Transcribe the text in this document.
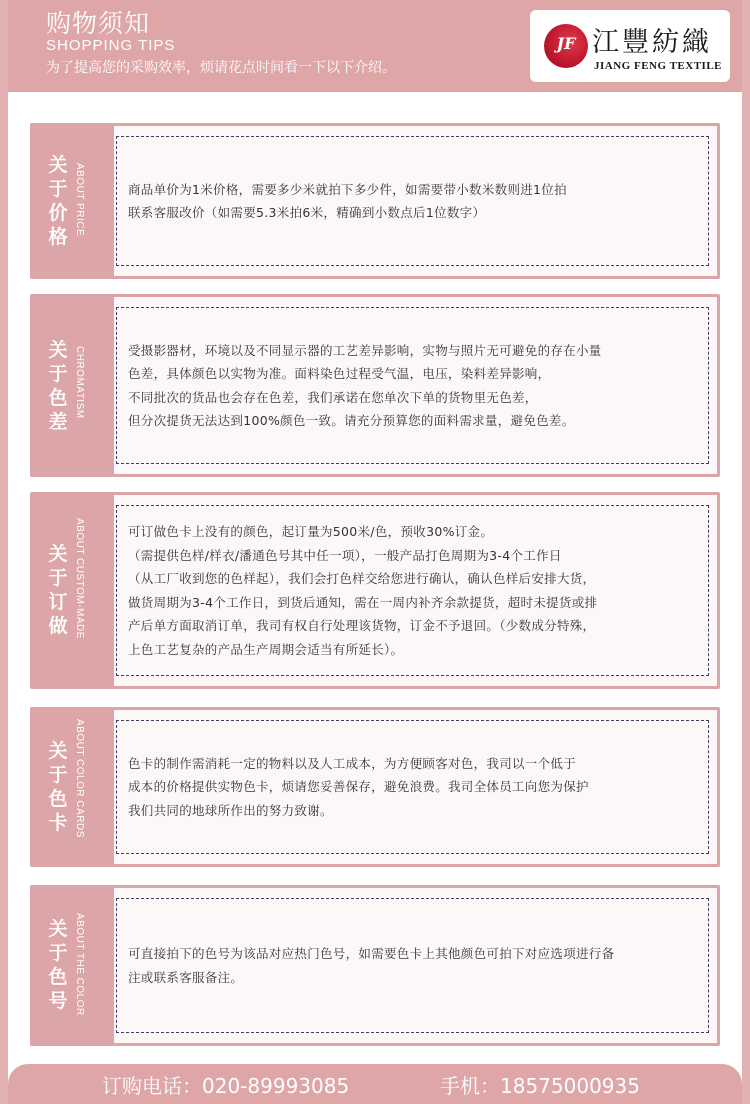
购物须知
SHOPPING TIPS
为了提高您的采购效率，烦请花点时间看一下以下介绍。
JF 江豐紡織
JIANG FENG TEXTILE
关
于
价
格
ABOUT PRICE	商品单价为1米价格，需要多少米就拍下多少件，如需要带小数米数则进1位拍
联系客服改价（如需要5.3米拍6米，精确到小数点后1位数字）
关
于
色
差
CHROMATISM	受摄影器材，环境以及不同显示器的工艺差异影响，实物与照片无可避免的存在小量
色差，具体颜色以实物为准。面料染色过程受气温，电压，染料差异影响，
不同批次的货品也会存在色差，我们承诺在您单次下单的货物里无色差，
但分次提货无法达到100%颜色一致。请充分预算您的面料需求量，避免色差。
关
于
订
做 ABOUT CUSTOM-MADE	可订做色卡上没有的颜色，起订量为500米/色，预收30%订金。
（需提供色样/样衣/潘通色号其中任一项），一般产品打色周期为3-4个工作日
（从工厂收到您的色样起），我们会打色样交给您进行确认，确认色样后安排大货，
做货周期为3-4个工作日，到货后通知，需在一周内补齐余款提货，超时未提货或排
产后单方面取消订单，我司有权自行处理该货物，订金不予退回。（少数成分特殊，
上色工艺复杂的产品生产周期会适当有所延长）。
关
于
色
卡 ABOUT COLOR CARDS	色卡的制作需消耗一定的物料以及人工成本，为方便顾客对色，我司以一个低于
成本的价格提供实物色卡，烦请您妥善保存，避免浪费。我司全体员工向您为保护
我们共同的地球所作出的努力致谢。
关
于
色
号 ABOUT THE COLOR	可直接拍下的色号为该品对应热门色号，如需要色卡上其他颜色可拍下对应选项进行备
注或联系客服备注。
订购电话：020-89993085	手机：18575000935
